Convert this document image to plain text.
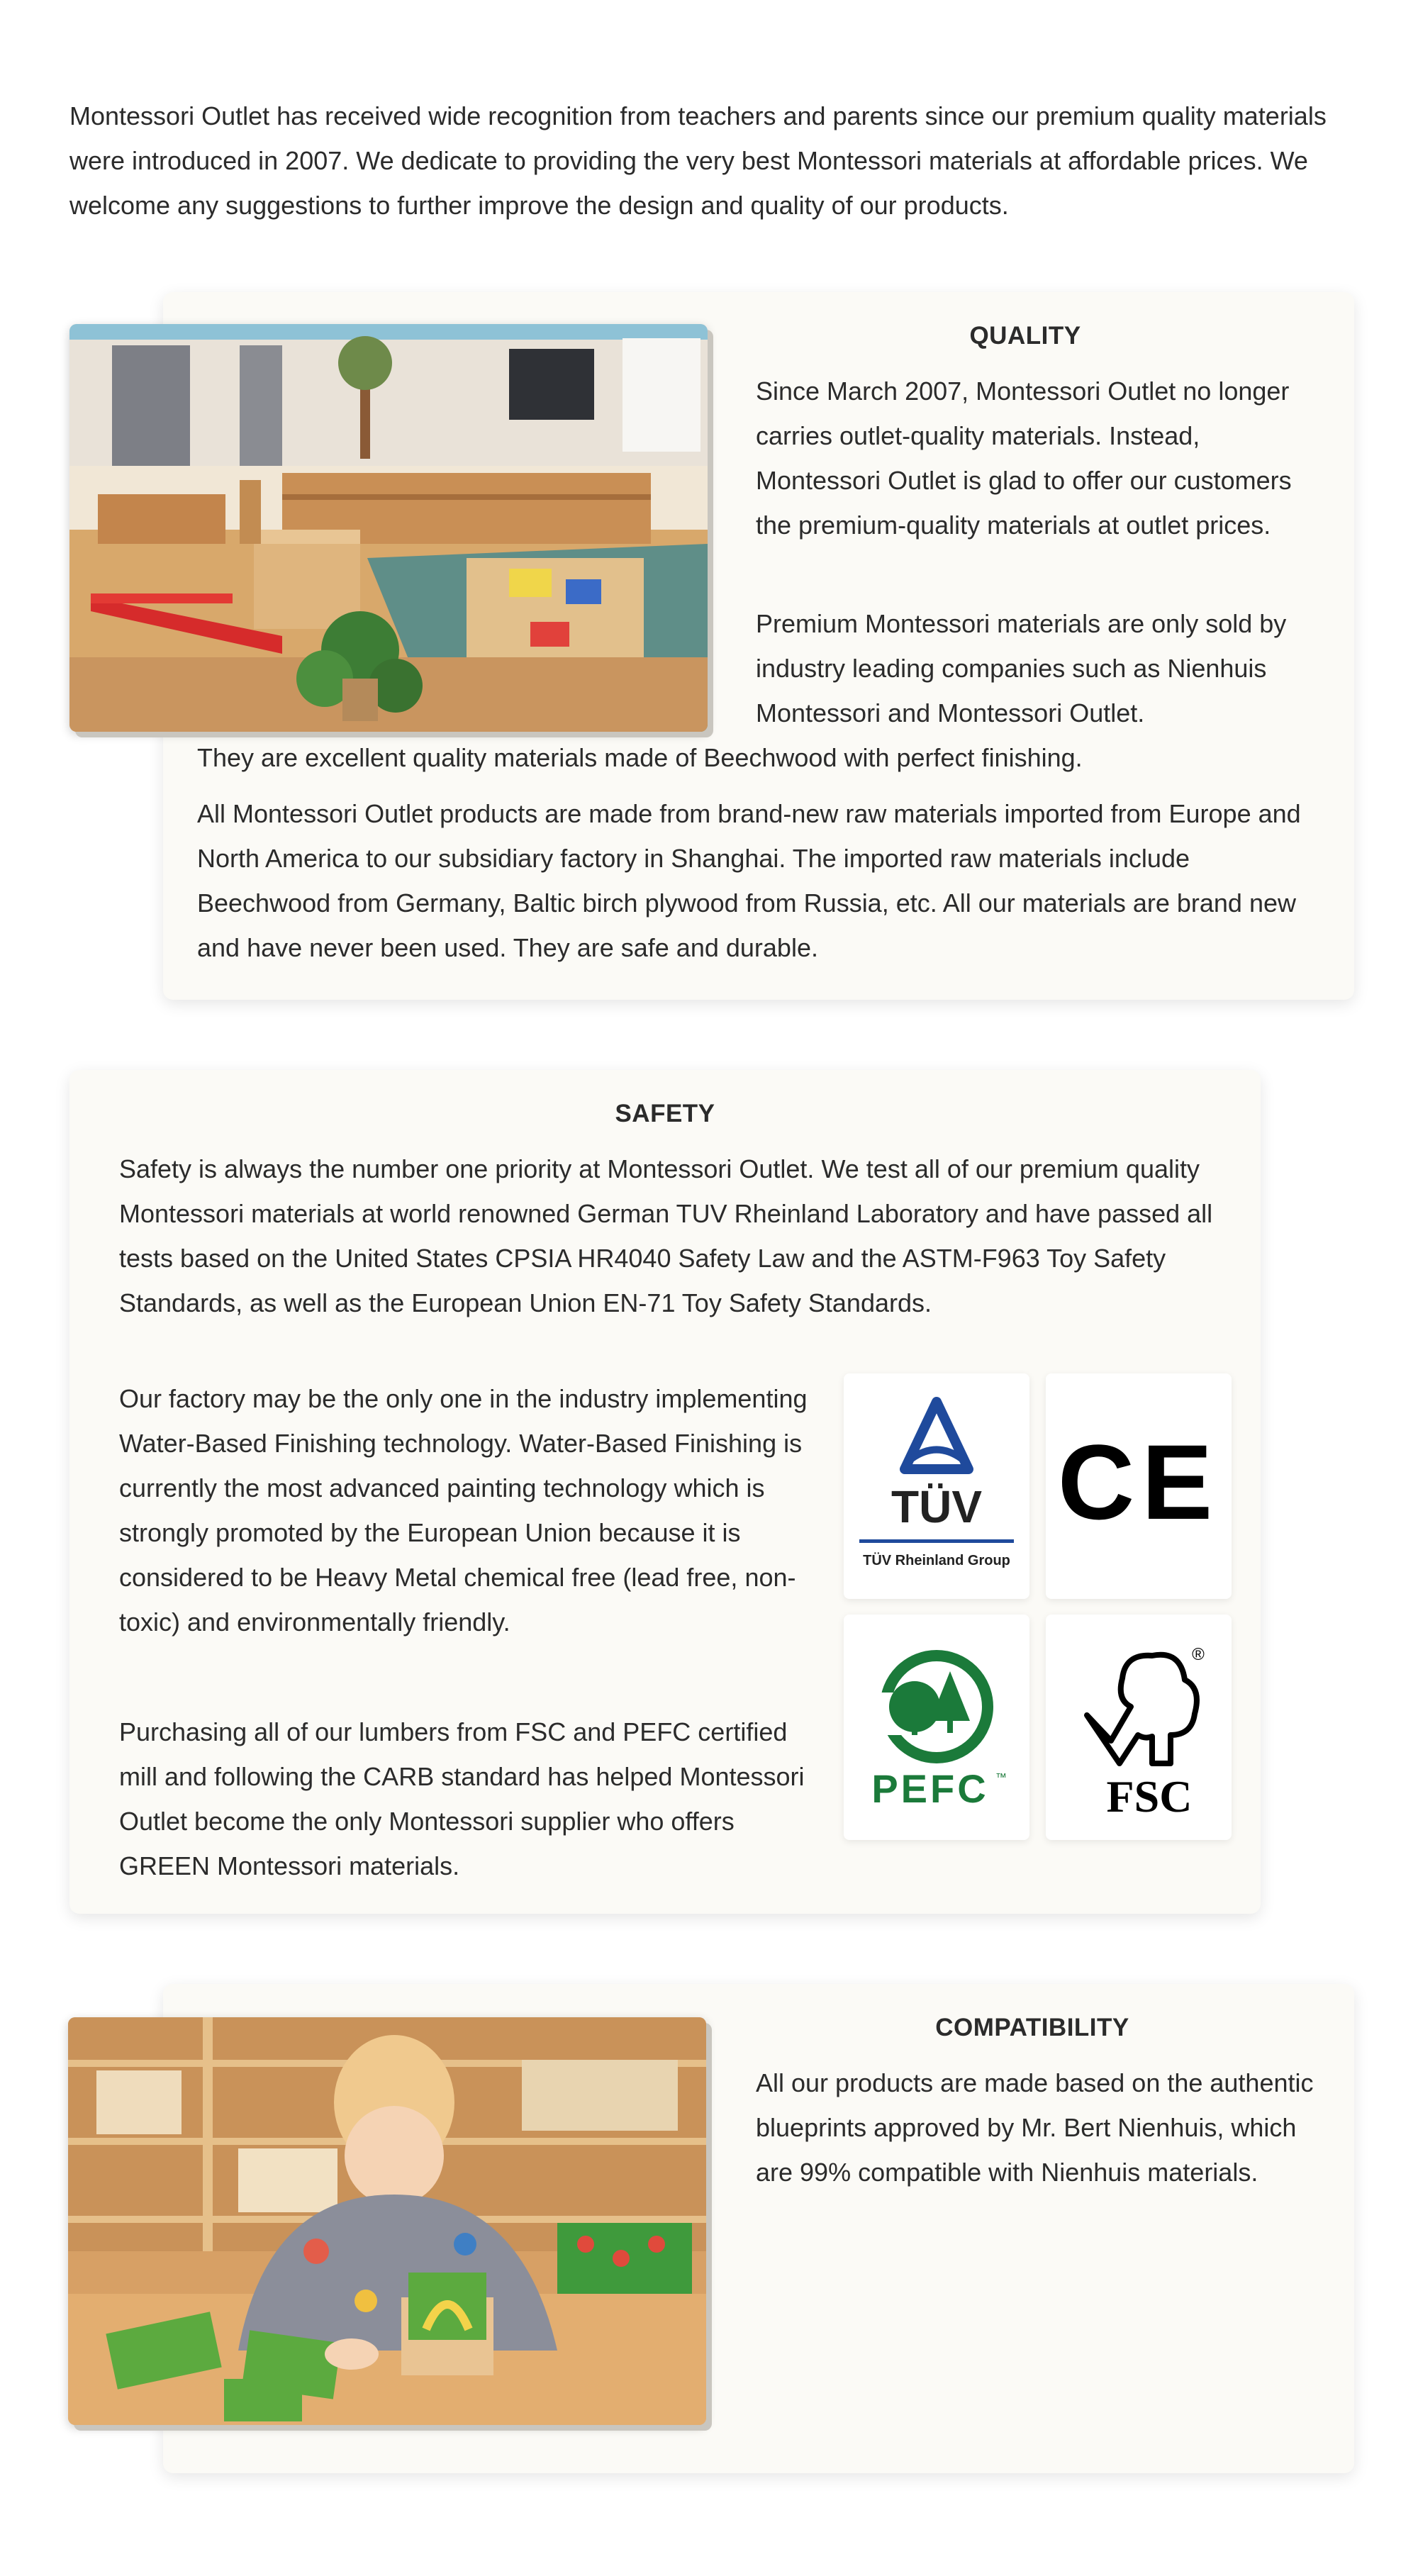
Montessori Outlet has received wide recognition from teachers and parents since our premium quality materials were introduced in 2007. We dedicate to providing the very best Montessori materials at affordable prices. We welcome any suggestions to further improve the design and quality of our products.

QUALITY

Since March 2007, Montessori Outlet no longer carries outlet-quality materials. Instead, Montessori Outlet is glad to offer our customers the premium-quality materials at outlet prices.

Premium Montessori materials are only sold by industry leading companies such as Nienhuis Montessori and Montessori Outlet.

They are excellent quality materials made of Beechwood with perfect finishing.

All Montessori Outlet products are made from brand-new raw materials imported from Europe and North America to our subsidiary factory in Shanghai. The imported raw materials include Beechwood from Germany, Baltic birch plywood from Russia, etc. All our materials are brand new and have never been used. They are safe and durable.

SAFETY

Safety is always the number one priority at Montessori Outlet. We test all of our premium quality Montessori materials at world renowned German TUV Rheinland Laboratory and have passed all tests based on the United States CPSIA HR4040 Safety Law and the ASTM-F963 Toy Safety Standards, as well as the European Union EN-71 Toy Safety Standards.

Our factory may be the only one in the industry implementing Water-Based Finishing technology. Water-Based Finishing is currently the most advanced painting technology which is strongly promoted by the European Union because it is considered to be Heavy Metal chemical free (lead free, non-toxic) and environmentally friendly.

Purchasing all of our lumbers from FSC and PEFC certified mill and following the CARB standard has helped Montessori Outlet become the only Montessori supplier who offers GREEN Montessori materials.

TÜV
TÜV Rheinland Group
CE
PEFC ™
®
FSC
COMPATIBILITY

All our products are made based on the authentic blueprints approved by Mr. Bert Nienhuis, which are 99% compatible with Nienhuis materials.
